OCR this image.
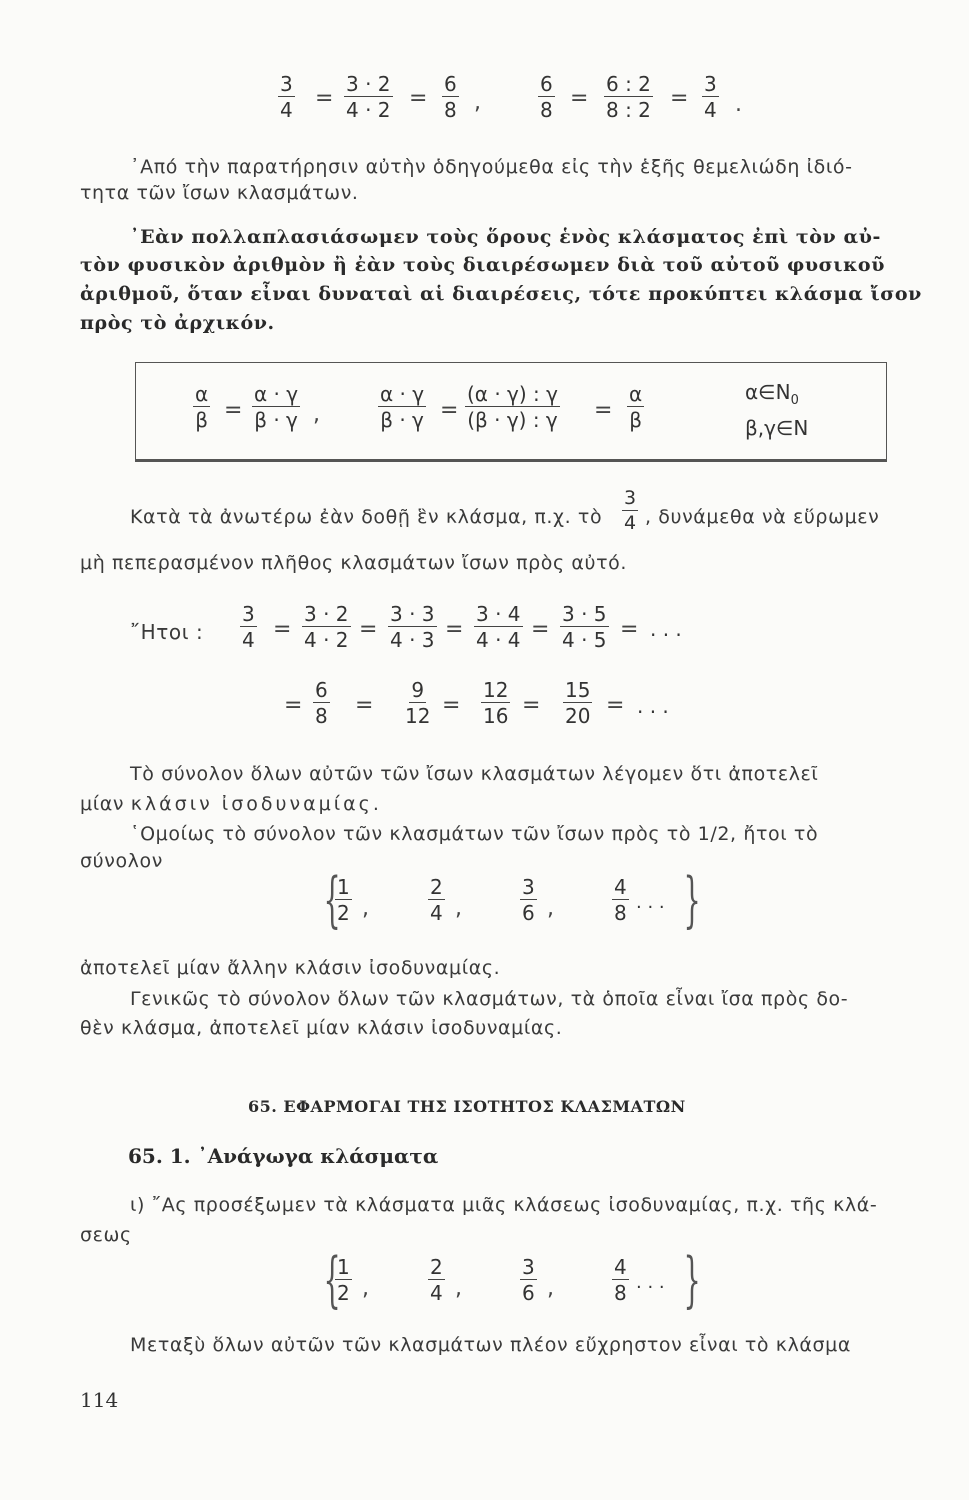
$\frac{3}{4} = \frac{3 \cdot 2}{4 \cdot 2} = \frac{6}{8}$ ,	$\frac{6}{8} = \frac{6 : 2}{8 : 2} = \frac{3}{4}$ .
᾿Από τὴν παρατήρησιν αὐτὴν ὁδηγούμεθα εἰς τὴν ἑξῆς θεμελιώδη ἰδιό-
τητα τῶν ἴσων κλασμάτων.
᾿Εὰν πολλαπλασιάσωμεν τοὺς ὅρους ἑνὸς κλάσματος ἐπὶ τὸν αὐ-
τὸν φυσικὸν ἀριθμὸν ἢ ἐὰν τοὺς διαιρέσωμεν διὰ τοῦ αὐτοῦ φυσικοῦ
ἀριθμοῦ, ὅταν εἶναι δυναταὶ αἱ διαιρέσεις, τότε προκύπτει κλάσμα ἴσον
πρὸς τὸ ἀρχικόν.
$\frac{\alpha}{\beta} = \frac{\alpha \cdot \gamma}{\beta \cdot \gamma}$ ,	$\frac{\alpha \cdot \gamma}{\beta \cdot \gamma} = \frac{(\alpha \cdot \gamma) : \gamma}{(\beta \cdot \gamma) : \gamma} = \frac{\alpha}{\beta}$	$\alpha\in N_0$
β,γ∈N
Κατὰ τὰ ἀνωτέρω ἐὰν δοθῇ ἓν κλάσμα, π.χ. τὸ $\frac{3}{4}$ , δυνάμεθα νὰ εὕρωμεν
μὴ πεπερασμένον πλῆθος κλασμάτων ἴσων πρὸς αὐτό.
῎Ητοι : $\frac{3}{4} = \frac{3 \cdot 2}{4 \cdot 2} = \frac{3 \cdot 3}{4 \cdot 3} = \frac{3 \cdot 4}{4 \cdot 4} = \frac{3 \cdot 5}{4 \cdot 5}$ = . . .
= $\frac{6}{8} = \frac{9}{12} = \frac{12}{16} = \frac{15}{20}$ = . . .
Τὸ σύνολον ὅλων αὐτῶν τῶν ἴσων κλασμάτων λέγομεν ὅτι ἀποτελεῖ
μίαν κλάσιν ἰσοδυναμίας.
῾Ομοίως τὸ σύνολον τῶν κλασμάτων τῶν ἴσων πρὸς τὸ 1/2, ἤτοι τὸ
σύνολον
{
$\frac{1}{2}$ ,	$\frac{2}{4}$ ,	$\frac{3}{6}$ ,	$\frac{4}{8}$ . . . }
ἀποτελεῖ μίαν ἄλλην κλάσιν ἰσοδυναμίας.
Γενικῶς τὸ σύνολον ὅλων τῶν κλασμάτων, τὰ ὁποῖα εἶναι ἴσα πρὸς δο-
θὲν κλάσμα, ἀποτελεῖ μίαν κλάσιν ἰσοδυναμίας.
65. ΕΦΑΡΜΟΓΑΙ ΤΗΣ ΙΣΟΤΗΤΟΣ ΚΛΑΣΜΑΤΩΝ
65. 1. ᾿Ανάγωγα κλάσματα
ι) ῎Ας προσέξωμεν τὰ κλάσματα μιᾶς κλάσεως ἰσοδυναμίας, π.χ. τῆς κλά-
σεως
{
$\frac{1}{2}$ ,	$\frac{2}{4}$ ,	$\frac{3}{6}$ ,	$\frac{4}{8}$ . . . }
Μεταξὺ ὅλων αὐτῶν τῶν κλασμάτων πλέον εὔχρηστον εἶναι τὸ κλάσμα
114
